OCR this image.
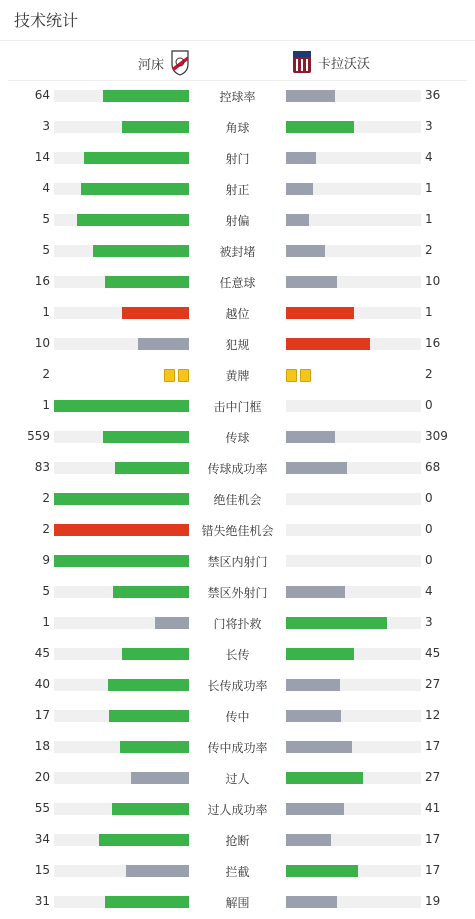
技术统计
河床	卡拉沃沃
64	控球率	36
3	角球	3
14	射门	4
4	射正	1
5	射偏	1
5	被封堵	2
16	任意球	10
1	越位	1
10	犯规	16
2	黄牌	2
1	击中门框	0
559	传球	309
83	传球成功率	68
2	绝佳机会	0
2	错失绝佳机会	0
9	禁区内射门	0
5	禁区外射门	4
1	门将扑救	3
45	长传	45
40	长传成功率	27
17	传中	12
18	传中成功率	17
20	过人	27
55	过人成功率	41
34	抢断	17
15	拦截	17
31	解围	19
